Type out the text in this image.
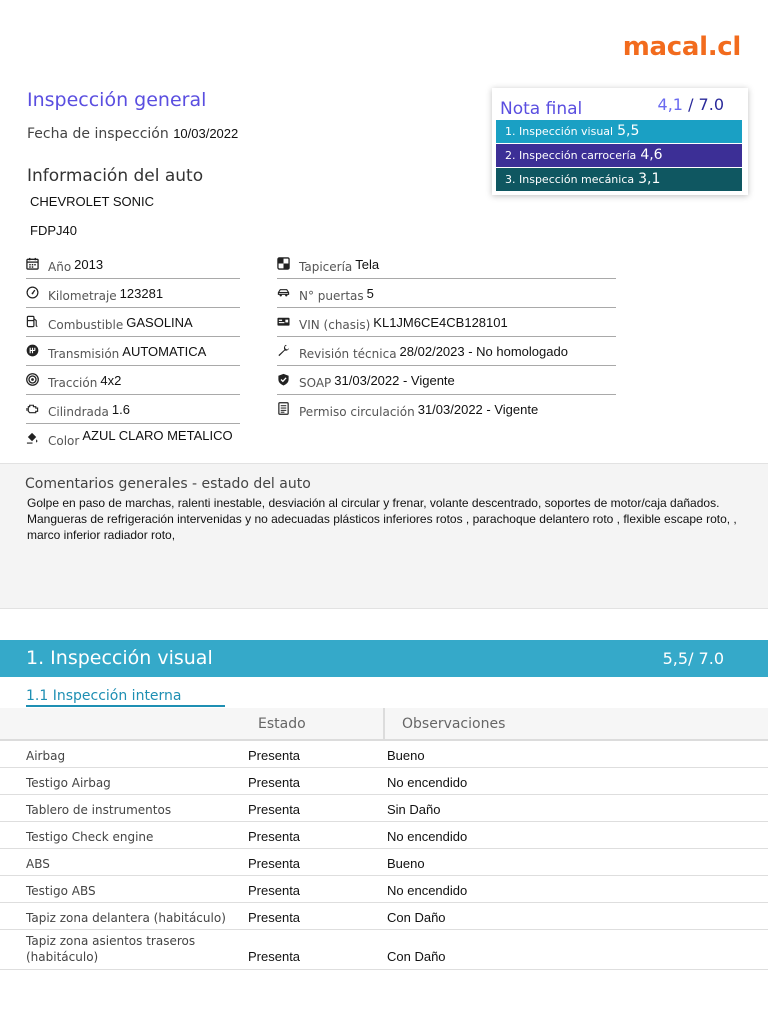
macal.cl
Inspección general
Fecha de inspección 10/03/2022
Información del auto
CHEVROLET SONIC
FDPJ40
Nota final	4,1 / 7.0
1. Inspección visual 5,5
2. Inspección carrocería 4,6
3. Inspección mecánica 3,1
Año 2013
Kilometraje 123281
Combustible GASOLINA
Transmisión AUTOMATICA
Tracción 4x2
Cilindrada 1.6
Color AZUL CLARO METALICO
Tapicería Tela
N° puertas 5
VIN (chasis) KL1JM6CE4CB128101
Revisión técnica 28/02/2023 - No homologado
SOAP 31/03/2022 - Vigente
Permiso circulación 31/03/2022 - Vigente
Comentarios generales - estado del auto
Golpe en paso de marchas, ralenti inestable, desviación al circular y frenar, volante descentrado, soportes de motor/caja dañados. Mangueras de refrigeración intervenidas y no adecuadas plásticos inferiores rotos , parachoque delantero roto , flexible escape roto, , marco inferior radiador roto,
1. Inspección visual	5,5/ 7.0
1.1 Inspección interna
Estado	Observaciones
Airbag	Presenta	Bueno
Testigo Airbag	Presenta	No encendido
Tablero de instrumentos	Presenta	Sin Daño
Testigo Check engine	Presenta	No encendido
ABS	Presenta	Bueno
Testigo ABS	Presenta	No encendido
Tapiz zona delantera (habitáculo)	Presenta	Con Daño
Tapiz zona asientos traseros (habitáculo)	Presenta	Con Daño
